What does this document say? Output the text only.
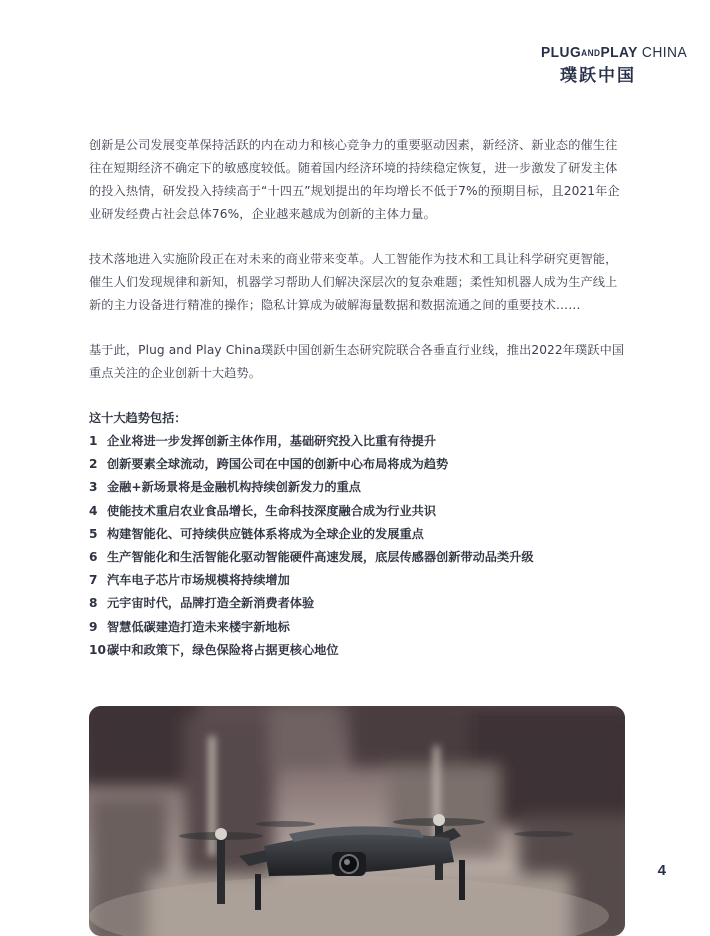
PLUGANDPLAY CHINA
璞跃中国

创新是公司发展变革保持活跃的内在动力和核心竞争力的重要驱动因素，新经济、新业态的催生往往在短期经济不确定下的敏感度较低。随着国内经济环境的持续稳定恢复，进一步激发了研发主体的投入热情，研发投入持续高于“十四五”规划提出的年均增长不低于7%的预期目标，且2021年企业研发经费占社会总体76%，企业越来越成为创新的主体力量。

技术落地进入实施阶段正在对未来的商业带来变革。人工智能作为技术和工具让科学研究更智能，催生人们发现规律和新知，机器学习帮助人们解决深层次的复杂难题；柔性知机器人成为生产线上新的主力设备进行精准的操作；隐私计算成为破解海量数据和数据流通之间的重要技术……

基于此，Plug and Play China璞跃中国创新生态研究院联合各垂直行业线，推出2022年璞跃中国重点关注的企业创新十大趋势。

这十大趋势包括：
1 企业将进一步发挥创新主体作用，基础研究投入比重有待提升
2 创新要素全球流动，跨国公司在中国的创新中心布局将成为趋势
3 金融+新场景将是金融机构持续创新发力的重点
4 使能技术重启农业食品增长，生命科技深度融合成为行业共识
5 构建智能化、可持续供应链体系将成为全球企业的发展重点
6 生产智能化和生活智能化驱动智能硬件高速发展，底层传感器创新带动品类升级
7 汽车电子芯片市场规模将持续增加
8 元宇宙时代，品牌打造全新消费者体验
9 智慧低碳建造打造未来楼宇新地标
10碳中和政策下，绿色保险将占据更核心地位
4
